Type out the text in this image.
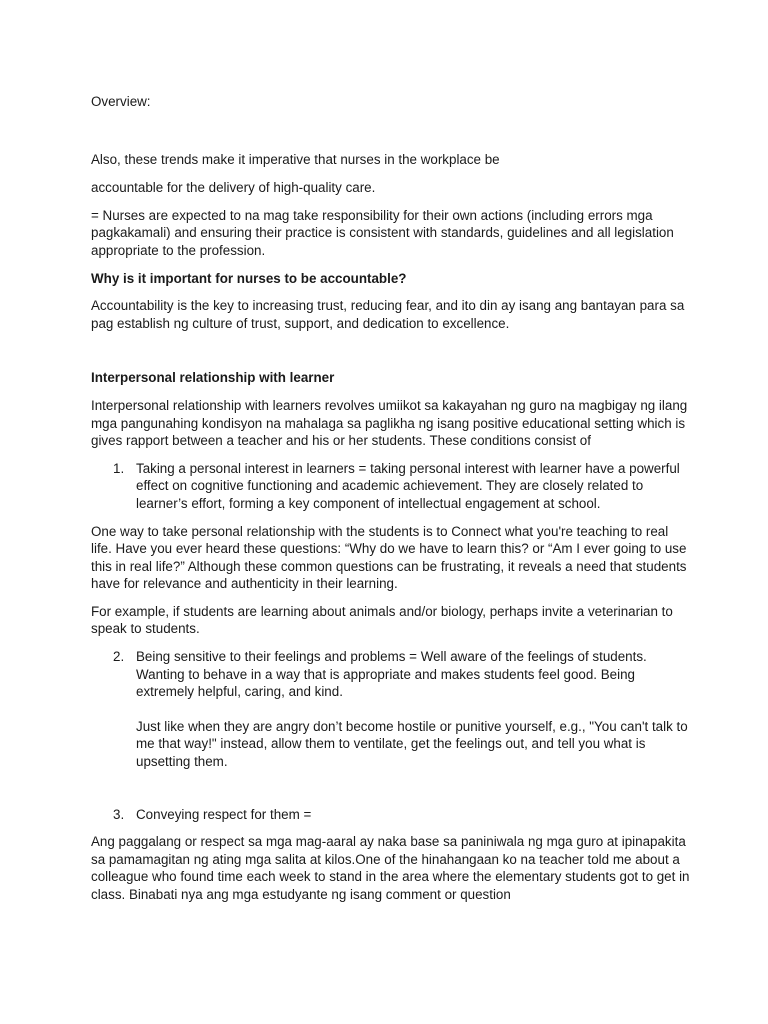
Overview:

Also, these trends make it imperative that nurses in the workplace be

accountable for the delivery of high-quality care.

= Nurses are expected to na mag take responsibility for their own actions (including errors mga pagkakamali) and ensuring their practice is consistent with standards, guidelines and all legislation appropriate to the profession.

Why is it important for nurses to be accountable?

Accountability is the key to increasing trust, reducing fear, and ito din ay isang ang bantayan para sa pag establish ng culture of trust, support, and dedication to excellence.

Interpersonal relationship with learner

Interpersonal relationship with learners revolves umiikot sa kakayahan ng guro na magbigay ng ilang mga pangunahing kondisyon na mahalaga sa paglikha ng isang positive educational setting which is gives rapport between a teacher and his or her students. These conditions consist of

1. Taking a personal interest in learners = taking personal interest with learner have a powerful effect on cognitive functioning and academic achievement. They are closely related to learner’s effort, forming a key component of intellectual engagement at school.

One way to take personal relationship with the students is to Connect what you're teaching to real life. Have you ever heard these questions: “Why do we have to learn this? or “Am I ever going to use this in real life?” Although these common questions can be frustrating, it reveals a need that students have for relevance and authenticity in their learning.

For example, if students are learning about animals and/or biology, perhaps invite a veterinarian to speak to students.

2. Being sensitive to their feelings and problems = Well aware of the feelings of students. Wanting to behave in a way that is appropriate and makes students feel good. Being extremely helpful, caring, and kind.

Just like when they are angry don’t become hostile or punitive yourself, e.g., "You can't talk to me that way!" instead, allow them to ventilate, get the feelings out, and tell you what is upsetting them.

3. Conveying respect for them =

Ang paggalang or respect sa mga mag-aaral ay naka base sa paniniwala ng mga guro at ipinapakita sa pamamagitan ng ating mga salita at kilos.One of the hinahangaan ko na teacher told me about a colleague who found time each week to stand in the area where the elementary students got to get in class. Binabati nya ang mga estudyante ng isang comment or question
